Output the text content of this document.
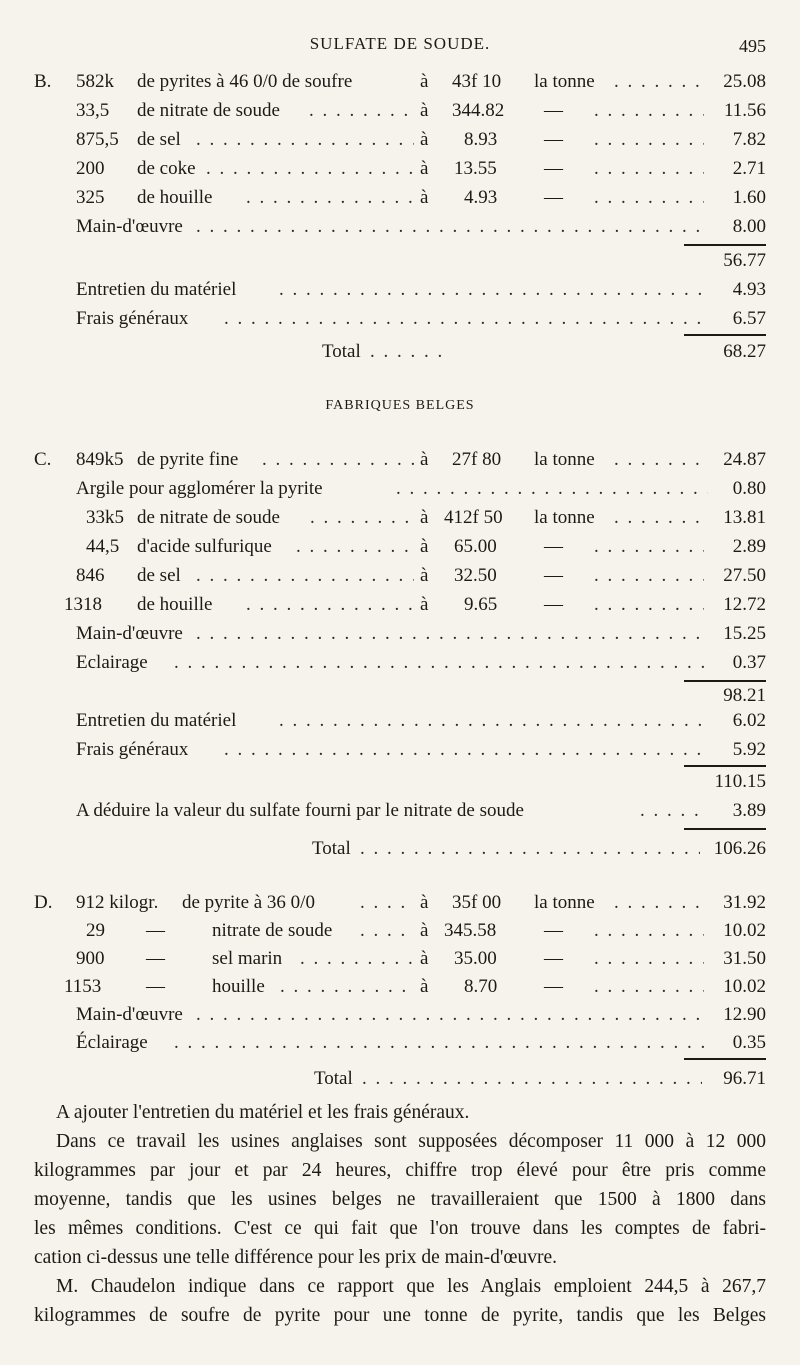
SULFATE DE SOUDE.	495
B. 582k de pyrites à 46 0/0 de soufre	à 43f 10 la tonne . . .	25.08
33,5 de nitrate de soude . . .	à 344.82 — . . .	11.56
875,5 de sel . . .	à 8.93 — . . .	7.82
200 de coke . . .	à 13.55 — . . .	2.71
325 de houille . . .	à 4.93 — . . .	1.60
Main-d'œuvre . . .	8.00
56.77
Entretien du matériel . . .	4.93
Frais généraux . . .	6.57
Total . . .	68.27
FABRIQUES BELGES
C. 849k5 de pyrite fine . . .	à 27f 80 la tonne . . .	24.87
Argile pour agglomérer la pyrite . . .	0.80
33k5 de nitrate de soude . . .	à 412f 50 la tonne . . .	13.81
44,5 d'acide sulfurique . . .	à 65.00 — . . .	2.89
846 de sel . . .	à 32.50 — . . .	27.50
1318 de houille . . .	à 9.65 — . . .	12.72
Main-d'œuvre . . .	15.25
Eclairage . . .	0.37
98.21
Entretien du matériel . . .	6.02
Frais généraux . . .	5.92
110.15
A déduire la valeur du sulfate fourni par le nitrate de soude . . .	3.89
Total . . .	106.26
D. 912 kilogr. de pyrite à 36 0/0 . . .	à 35f 00 la tonne . . .	31.92
29 — nitrate de soude . . .	à 345.58	— . . .	10.02
900 — sel marin . . .	à 35.00 — . . .	31.50
1153 — houille . . .	à 8.70 — . . .	10.02
Main-d'œuvre . . .	12.90
Éclairage . . .	0.35
Total . . .	96.71
A ajouter l'entretien du matériel et les frais généraux.
Dans ce travail les usines anglaises sont supposées décomposer 11 000 à 12 000
kilogrammes par jour et par 24 heures, chiffre trop élevé pour être pris comme
moyenne, tandis que les usines belges ne travailleraient que 1500 à 1800 dans
les mêmes conditions. C'est ce qui fait que l'on trouve dans les comptes de fabri-
cation ci-dessus une telle différence pour les prix de main-d'œuvre.
M. Chaudelon indique dans ce rapport que les Anglais emploient 244,5 à 267,7
kilogrammes de soufre de pyrite pour une tonne de pyrite, tandis que les Belges
